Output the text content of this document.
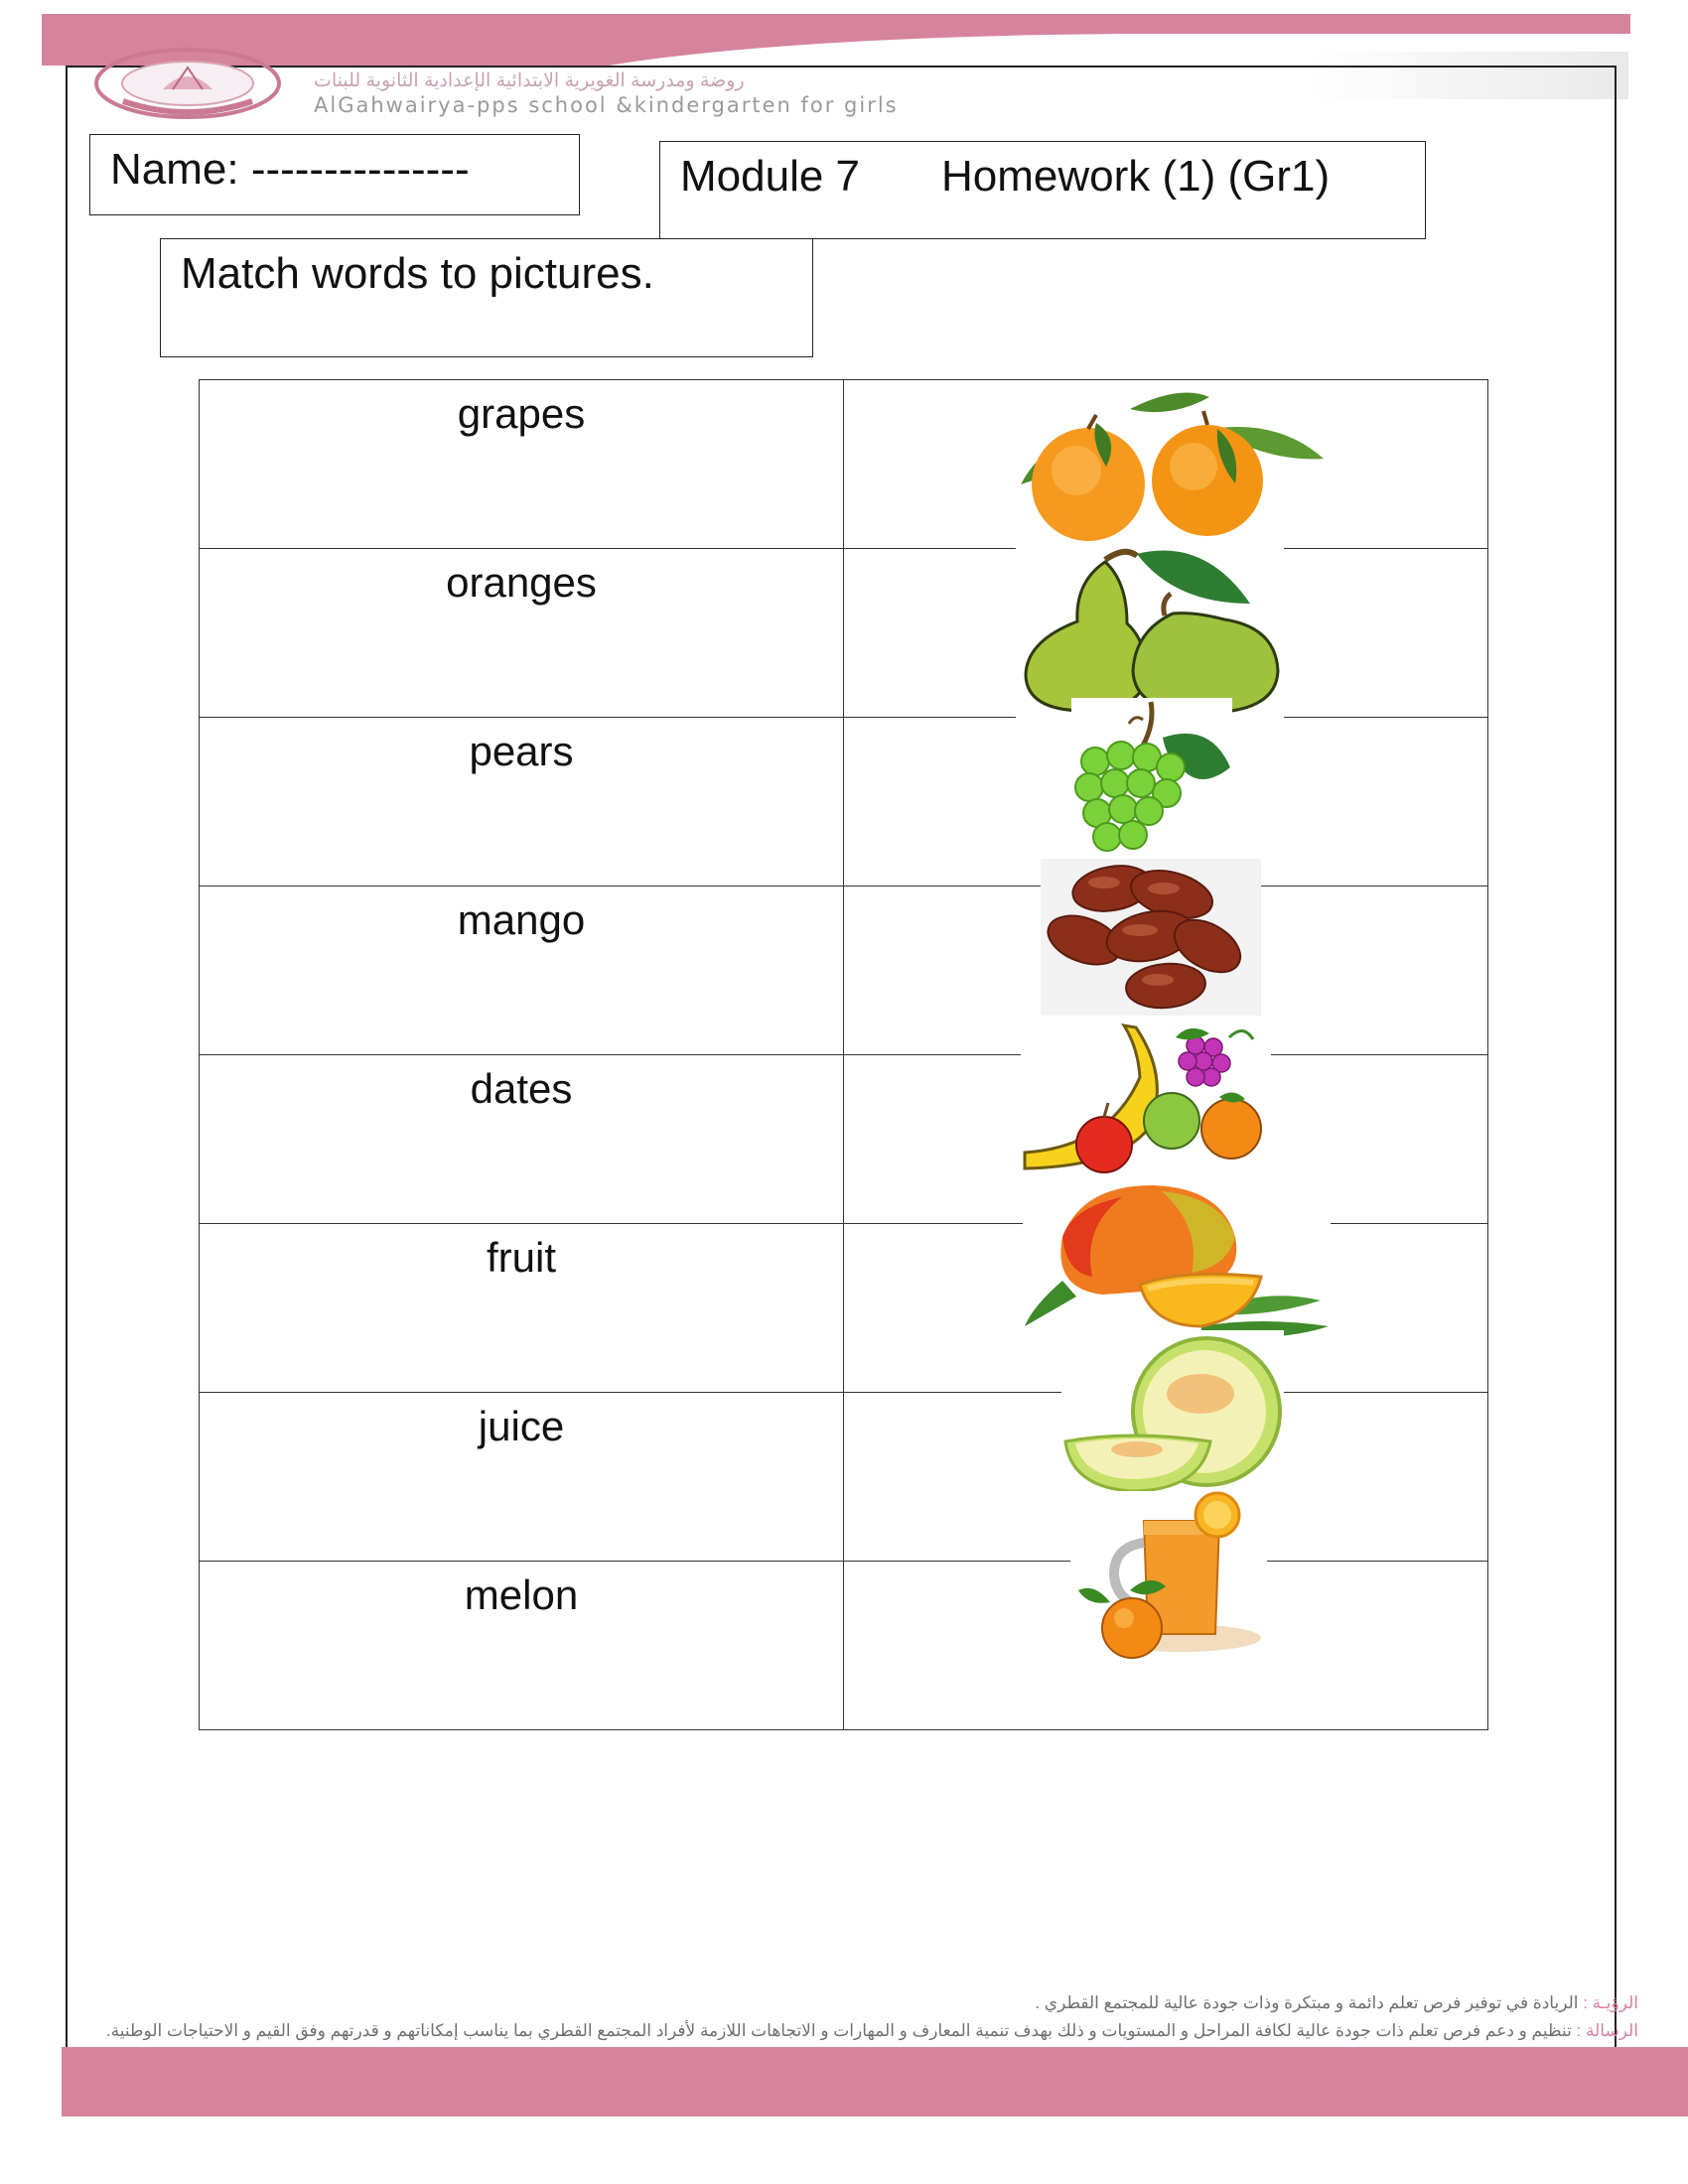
روضة ومدرسة الغويرية الابتدائية الإعدادية الثانوية للبنات
AlGahwairya-pps school &kindergarten for girls
Name: ---------------	Module 7 Homework (1) (Gr1)
Match words to pictures.
grapes	
oranges	
pears	
mango	
dates	
fruit	
juice	
melon	
الرؤيـة : الريادة في توفير فرص تعلم دائمة و مبتكرة وذات جودة عالية للمجتمع القطري .
الرسالة : تنظيم و دعم فرص تعلم ذات جودة عالية لكافة المراحل و المستويات و ذلك بهدف تنمية المعارف و المهارات و الاتجاهات اللازمة لأفراد المجتمع القطري بما يناسب إمكاناتهم و قدرتهم وفق القيم و الاحتياجات الوطنية.
